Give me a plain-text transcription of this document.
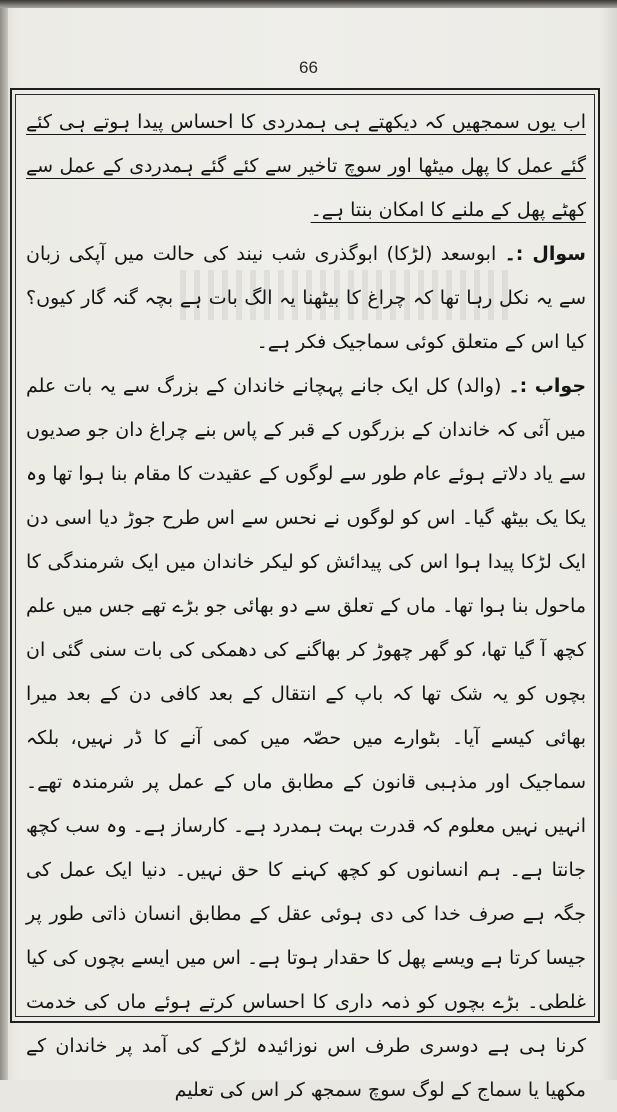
66

اب یوں سمجھیں کہ دیکھتے ہی ہمدردی کا احساس پیدا ہوتے ہی کئے گئے عمل کا پھل میٹھا اور سوچ تاخیر سے کئے گئے ہمدردی کے عمل سے کھٹے پھل کے ملنے کا امکان بنتا ہے۔

سوال :۔ ابوسعد (لڑکا) ابوگذری شب نیند کی حالت میں آپکی زبان سے یہ نکل رہا تھا کہ چراغ کا بیٹھنا یہ الگ بات ہے بچہ گنہ گار کیوں؟ کیا اس کے متعلق کوئی سماجیک فکر ہے۔

جواب :۔ (والد) کل ایک جانے پہچانے خاندان کے بزرگ سے یہ بات علم میں آئی کہ خاندان کے بزرگوں کے قبر کے پاس بنے چراغ دان جو صدیوں سے یاد دلاتے ہوئے عام طور سے لوگوں کے عقیدت کا مقام بنا ہوا تھا وہ یکا یک بیٹھ گیا۔ اس کو لوگوں نے نحس سے اس طرح جوڑ دیا اسی دن ایک لڑکا پیدا ہوا اس کی پیدائش کو لیکر خاندان میں ایک شرمندگی کا ماحول بنا ہوا تھا۔ ماں کے تعلق سے دو بھائی جو بڑے تھے جس میں علم کچھ آ گیا تھا، کو گھر چھوڑ کر بھاگنے کی دھمکی کی بات سنی گئی ان بچوں کو یہ شک تھا کہ باپ کے انتقال کے بعد کافی دن کے بعد میرا بھائی کیسے آیا۔ بٹوارے میں حصّہ میں کمی آنے کا ڈر نہیں، بلکہ سماجیک اور مذہبی قانون کے مطابق ماں کے عمل پر شرمندہ تھے۔ انہیں نہیں معلوم کہ قدرت بہت ہمدرد ہے۔ کارساز ہے۔ وہ سب کچھ جانتا ہے۔ ہم انسانوں کو کچھ کہنے کا حق نہیں۔ دنیا ایک عمل کی جگہ ہے صرف خدا کی دی ہوئی عقل کے مطابق انسان ذاتی طور پر جیسا کرتا ہے ویسے پھل کا حقدار ہوتا ہے۔ اس میں ایسے بچوں کی کیا غلطی۔ بڑے بچوں کو ذمہ داری کا احساس کرتے ہوئے ماں کی خدمت کرنا ہی ہے دوسری طرف اس نوزائیدہ لڑکے کی آمد پر خاندان کے مکھیا یا سماج کے لوگ سوچ سمجھ کر اس کی تعلیم
